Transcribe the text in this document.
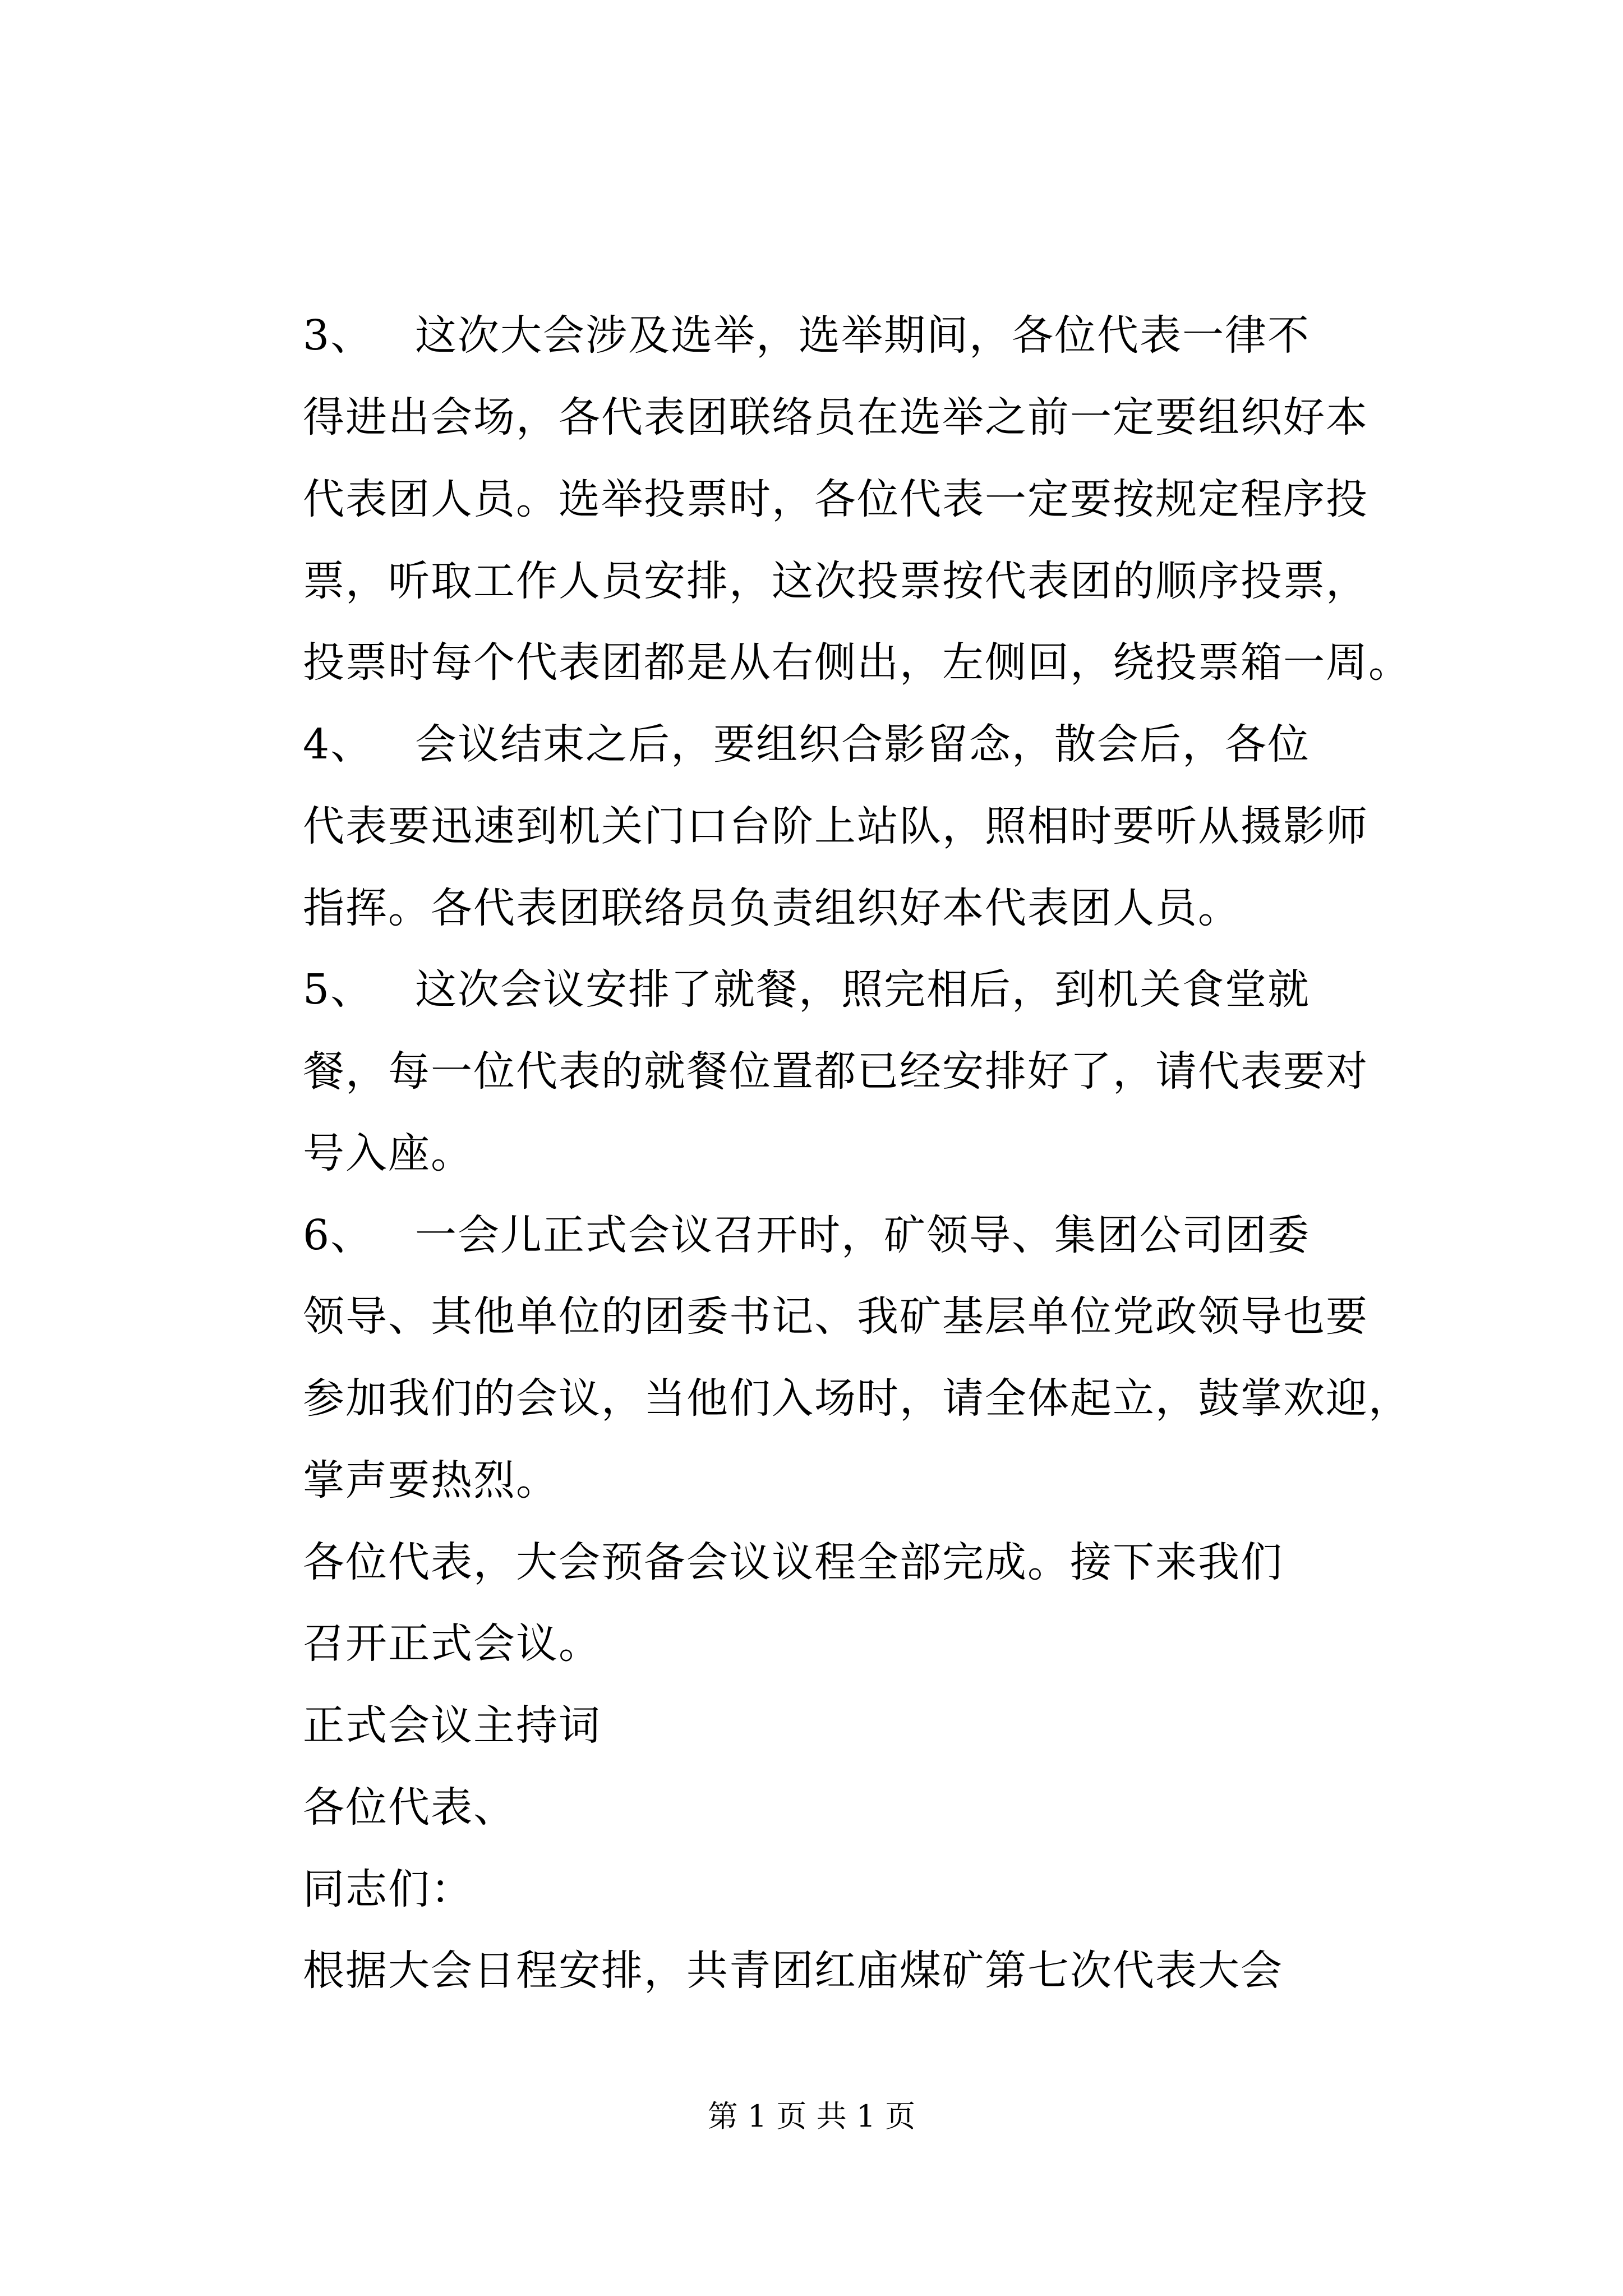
3、 这次大会涉及选举，选举期间，各位代表一律不
得进出会场，各代表团联络员在选举之前一定要组织好本
代表团人员。选举投票时，各位代表一定要按规定程序投
票，听取工作人员安排，这次投票按代表团的顺序投票，
投票时每个代表团都是从右侧出，左侧回，绕投票箱一周。
4、 会议结束之后，要组织合影留念，散会后，各位
代表要迅速到机关门口台阶上站队，照相时要听从摄影师
指挥。各代表团联络员负责组织好本代表团人员。
5、 这次会议安排了就餐，照完相后，到机关食堂就
餐，每一位代表的就餐位置都已经安排好了，请代表要对
号入座。
6、 一会儿正式会议召开时，矿领导、集团公司团委
领导、其他单位的团委书记、我矿基层单位党政领导也要
参加我们的会议，当他们入场时，请全体起立，鼓掌欢迎，
掌声要热烈。
各位代表，大会预备会议议程全部完成。接下来我们
召开正式会议。
正式会议主持词
各位代表、
同志们：
根据大会日程安排，共青团红庙煤矿第七次代表大会
第 1 页 共 1 页
